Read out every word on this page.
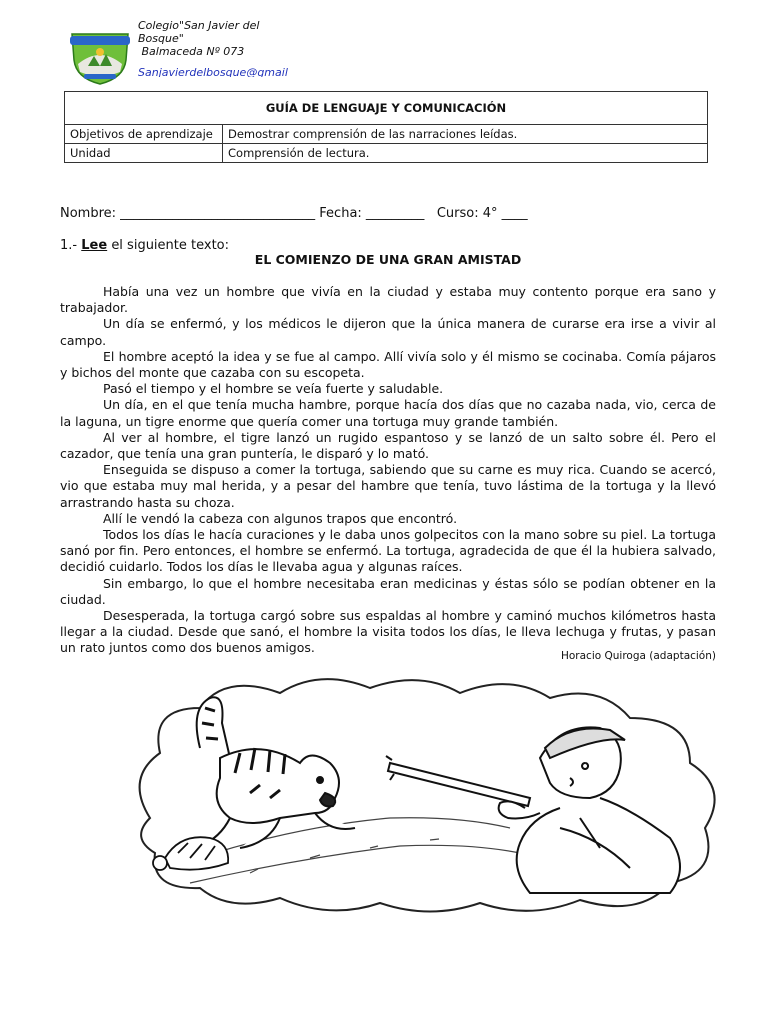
Colegio"San Javier del
Bosque"
Balmaceda Nº 073
Sanjavierdelbosque@gmail
GUÍA DE LENGUAJE Y COMUNICACIÓN	
Objetivos de aprendizaje	Demostrar comprensión de las narraciones leídas.
Unidad	Comprensión de lectura.
Nombre: ______________________________ Fecha: _________   Curso: 4° ____
1.- Lee el siguiente texto:
EL COMIENZO DE UNA GRAN AMISTAD

Había una vez un hombre que vivía en la ciudad y estaba muy contento porque era sano y trabajador.

Un día se enfermó, y los médicos le dijeron que la única manera de curarse era irse a vivir al campo.

El hombre aceptó la idea y se fue al campo. Allí vivía solo y él mismo se cocinaba. Comía pájaros y bichos del monte que cazaba con su escopeta.

Pasó el tiempo y el hombre se veía fuerte y saludable.

Un día, en el que tenía mucha hambre, porque hacía dos días que no cazaba nada, vio, cerca de la laguna, un tigre enorme que quería comer una tortuga muy grande también.

Al ver al hombre, el tigre lanzó un rugido espantoso y se lanzó de un salto sobre él. Pero el cazador, que tenía una gran puntería, le disparó y lo mató.

Enseguida se dispuso a comer la tortuga, sabiendo que su carne es muy rica. Cuando se acercó, vio que estaba muy mal herida, y a pesar del hambre que tenía, tuvo lástima de la tortuga y la llevó arrastrando hasta su choza.

Allí le vendó la cabeza con algunos trapos que encontró.

Todos los días le hacía curaciones y le daba unos golpecitos con la mano sobre su piel. La tortuga sanó por fin. Pero entonces, el hombre se enfermó. La tortuga, agradecida de que él la hubiera salvado, decidió cuidarlo. Todos los días le llevaba agua y algunas raíces.

Sin embargo, lo que el hombre necesitaba eran medicinas y éstas sólo se podían obtener en la ciudad.

Desesperada, la tortuga cargó sobre sus espaldas al hombre y caminó muchos kilómetros hasta llegar a la ciudad. Desde que sanó, el hombre la visita todos los días, le lleva lechuga y frutas, y pasan un rato juntos como dos buenos amigos.

Horacio Quiroga (adaptación)
